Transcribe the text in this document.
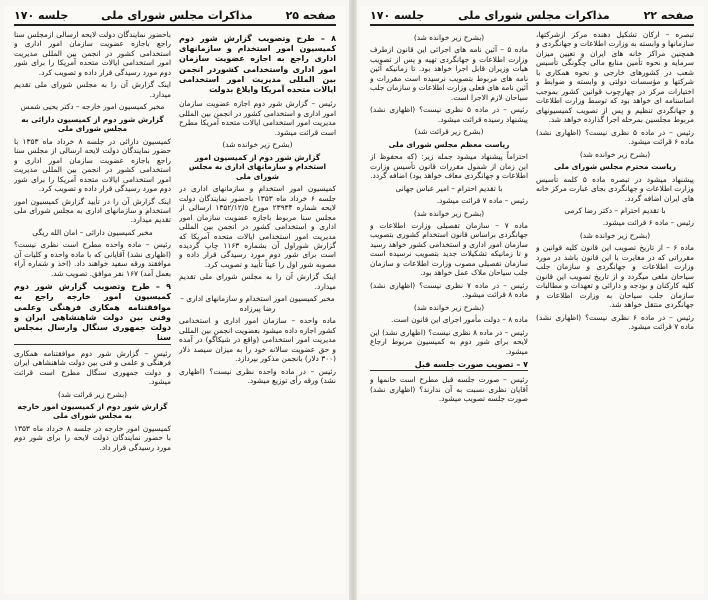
صفحه ۲۵
مذاکرات مجلس شورای ملی
جلسه ۱۷۰

۸ – طرح وتصویب گزارش شور دوم کمیسیون امور استخدام و سازمانهای اداری راجع به اجازه عضویت سازمان امور اداری واستخدامی کشوردر انجمن بین المللی مدیریت امور استخدامی ایالات متحده آمریکا وایلاغ بدولت

رئیس – گزارش شور دوم اجازه عضویت سازمان امور اداری و استخدامی کشور در انجمن بین المللی مدیریت امور استخدامی ایالات متحده آمریکا مطرح است قرائت میشود.

(بشرح زیر خوانده شد)

گزارش شور دوم از کمیسیون امور استخدام و سازمانهای اداری به مجلس شورای ملی

کمیسیون امور استخدام و سازمانهای اداری در جلسه ۶ خرداد ماه ۱۳۵۳ باحضور نمایندگان دولت لایحه شماره ۲۳۹۳۴ مورخ ۱۳۵۲/۱۲/۵ ارسالی از مجلس سنا مربوط باجازه عضویت سازمان امور اداری و استخدامی کشور در انجمن بین المللی مدیریت امور استخدامی ایالات متحده آمریکا که گزارش شوراول آن بشماره ۱۱۶۳ چاپ گردیده است برای شور دوم مورد رسیدگی قرار داده و مصوبه شور اول را عیناً تأیید و تصویب کرد.

اینک گزارش آن را به مجلس شورای ملی تقدیم میدارد.

مخبر کمیسیون امور استخدام و سازمانهای اداری – رضا پیرزاده

ماده واحده – سازمان امور اداری و استخدامی کشور اجازه داده میشود بعضویت انجمن بین المللی مدیریت امور استخدامی (واقع در شیکاگو) در آمده و حق عضویت سالانه خود را به میزان سیصد دلار (۳۰۰ دلار) بانجمن مذکور بپردازد.

رئیس – در ماده واحده نظری نیست؟ (اظهاری نشد) ورقه رأی توزیع میشود.

باحضور نمایندگان دولت لایحه ارسالی ازمجلس سنا راجع باجازه عضویت سازمان امور اداری و استخدامی کشور در انجمن بین المللی مدیریت امور استخدامی ایالات متحده آمریکا را برای شور دوم مورد رسیدگی قرار داده و تصویب کرد.

اینک گزارش آن را به مجلس شورای ملی تقدیم میدارد.

مخبر کمیسیون امور خارجه – دکتر یحیی شمس

گزارش شور دوم از کمیسیون دارائی به مجلس شورای ملی

کمیسیون دارائی در جلسه ۸ خرداد ماه ۱۳۵۳ با حضور نمایندگان دولت لایحه ارسالی از مجلس سنا راجع باجازه عضویت سازمان امور اداری و استخدامی کشور در انجمن بین المللی مدیریت امور استخدامی ایالات متحده آمریکا را برای شور دوم مورد رسیدگی قرار داده و تصویب کرد.

اینک گزارش آن را در تأیید گزارش کمیسیون امور استخدام و سازمانهای اداری به مجلس شورای ملی تقدیم میدارد.

مخبر کمیسیون دارائی – امان الله ریگی

رئیس – ماده واحده مطرح است نظری نیست؟ (اظهاری نشد) آقایانی که با ماده واحده و کلیات آن موافقند ورقه سفید خواهند داد. (اخذ و شماره آراء بعمل آمد) ۱۶۷ نفر موافق. تصویب شد.

۹ – طرح وتصویب گزارش شور دوم کمیسیون امور خارجه راجع به موافقتنامه همکاری فرهنگی وعلمی وفنی بین دولت شاهنشاهی ایران و دولت جمهوری سنگال وارسال بمجلس سنا

رئیس – گزارش شور دوم موافقتنامه همکاری فرهنگی و علمی و فنی بین دولت شاهنشاهی ایران و دولت جمهوری سنگال مطرح است قرائت میشود.

(بشرح زیر قرائت شد)

گزارش شور دوم از کمیسیون امور خارجه به مجلس شورای ملی

کمیسیون امور خارجه در جلسه ۸ خرداد ماه ۱۳۵۳ با حضور نمایندگان دولت لایحه را برای شور دوم مورد رسیدگی قرار داد.

صفحه ۲۲
مذاکرات مجلس شورای ملی
جلسه ۱۷۰

تبصره – ارکان تشکیل دهنده مرکز ازشرکتها، سازمانها و وابسته به وزارت اطلاعات و جهانگردی و همچنین مراکز خانه های ایران و تعیین میزان سرمایه و نحوه تأمین منابع مالی چگونگی تأسیس شعب در کشورهای خارجی و نحوه همکاری با شرکتها و مؤسسات دولتی و وابسته و ضوابط و اختیارات مرکز در چهارچوب قوانین کشور بموجب اساسنامه ای خواهد بود که توسط وزارت اطلاعات و جهانگردی تنظیم و پس از تصویب کمیسیونهای مربوط مجلسین بمرحله اجرا گذارده خواهد شد.

رئیس – در ماده ۵ نظری نیست؟ (اظهاری نشد) ماده ۶ قرائت میشود.

(بشرح زیر خوانده شد)

ریاست محترم مجلس شورای ملی

پیشنهاد میشود در تبصره ماده ۵ کلمه تأسیس وزارت اطلاعات و جهانگردی بجای عبارت مرکز خانه های ایران اضافه گردد.

با تقدیم احترام – دکتر رضا کرمی

رئیس – ماده ۶ قرائت میشود.

(بشرح زیر خوانده شد)

ماده ۶ – از تاریخ تصویب این قانون کلیه قوانین و مقرراتی که در مغایرت با این قانون باشد در مورد وزارت اطلاعات و جهانگردی و سازمان جلب سیاحان ملغی میگردد و از تاریخ تصویب این قانون کلیه کارکنان و بودجه و دارائی و تعهدات و مطالبات سازمان جلب سیاحان به وزارت اطلاعات و جهانگردی منتقل خواهد شد.

رئیس – در ماده ۶ نظری نیست؟ (اظهاری نشد) ماده ۷ قرائت میشود.

(بشرح زیر خوانده شد)

ماده ۵ – آئین نامه های اجرائی این قانون ازطرف وزارت اطلاعات و جهانگردی تهیه و پس از تصویب هیأت وزیران قابل اجرا خواهد بود. تا زمانیکه آئین نامه های مربوط بتصویب نرسیده است مقررات و آئین نامه های فعلی وزارت اطلاعات و سازمان جلب سیاحان لازم الاجرا است.

رئیس – در ماده ۵ نظری نیست؟ (اظهاری نشد) پیشنهاد رسیده قرائت میشود.

(بشرح زیر قرائت شد)

ریاست معظم مجلس شورای ملی

احتراماً پیشنهاد میشود جمله زیر: (که محفوظ از این زمان از شمول مقررات قانون تأسیس وزارت اطلاعات و جهانگردی معاف خواهد بود) اضافه گردد.

با تقدیم احترام – امیر عباس جهانی

رئیس – ماده ۷ قرائت میشود.

(بشرح زیر خوانده شد)

ماده ۷ – سازمان تفصیلی وزارت اطلاعات و جهانگردی براساس قانون استخدام کشوری بتصویب سازمان امور اداری و استخدامی کشور خواهد رسید و تا زمانیکه تشکیلات جدید بتصویب نرسیده است سازمان تفصیلی مصوب وزارت اطلاعات و سازمان جلب سیاحان ملاک عمل خواهد بود.

رئیس – در ماده ۷ نظری نیست؟ (اظهاری نشد) ماده ۸ قرائت میشود.

(بشرح زیر خوانده شد)

ماده ۸ – دولت مأمور اجرای این قانون است.

رئیس – در ماده ۸ نظری نیست؟ (اظهاری نشد) این لایحه برای شور دوم به کمیسیون مربوط ارجاع میشود.

۷ – تصویب صورت جلسه قبل

رئیس – صورت جلسه قبل مطرح است خانمها و آقایان نظری نسبت به آن ندارند؟ (اظهاری نشد) صورت جلسه تصویب میشود.
